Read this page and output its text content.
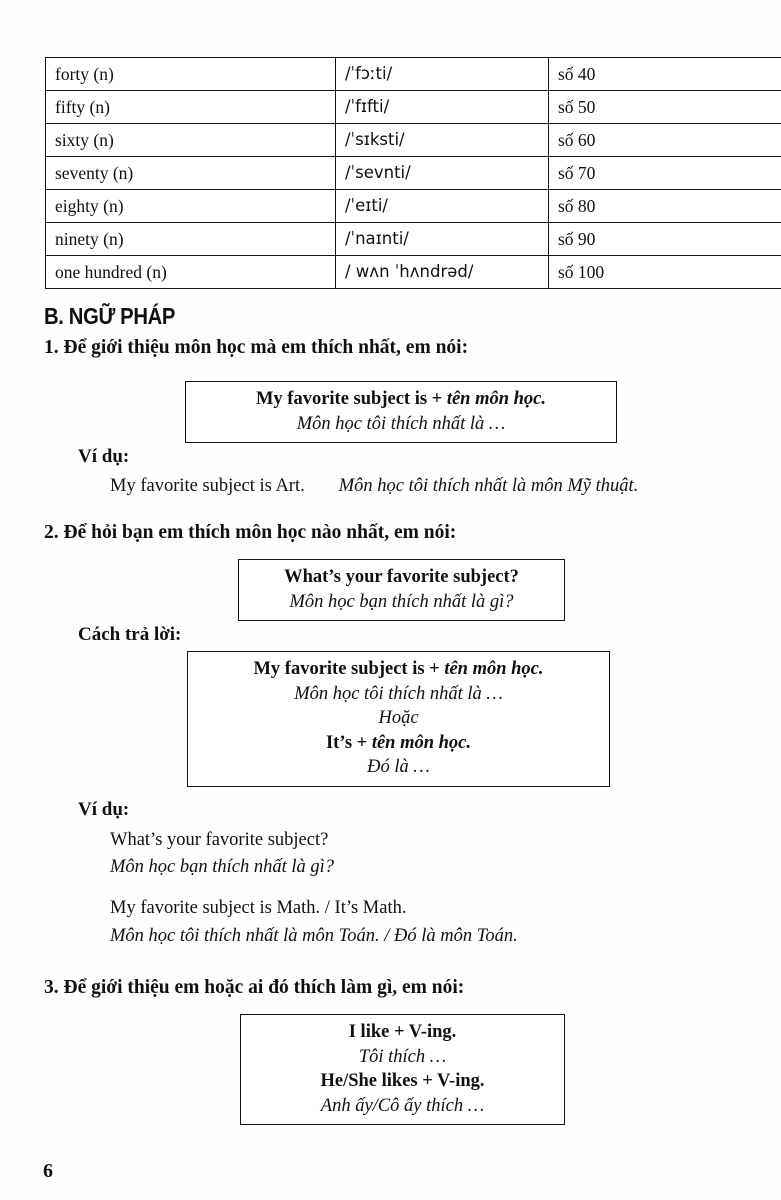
forty (n)	/ˈfɔːti/	số 40
fifty (n)	/ˈfɪfti/	số 50
sixty (n)	/ˈsɪksti/	số 60
seventy (n)	/ˈsevnti/	số 70
eighty (n)	/ˈeɪti/	số 80
ninety (n)	/ˈnaɪnti/	số 90
one hundred (n)	/ wʌn ˈhʌndrəd/	số 100
B. NGỮ PHÁP
1. Để giới thiệu môn học mà em thích nhất, em nói:
My favorite subject is + tên môn học.
Môn học tôi thích nhất là …
Ví dụ:
My favorite subject is Art. Môn học tôi thích nhất là môn Mỹ thuật.
2. Để hỏi bạn em thích môn học nào nhất, em nói:
What’s your favorite subject?
Môn học bạn thích nhất là gì?
Cách trả lời:
My favorite subject is + tên môn học.
Môn học tôi thích nhất là …
Hoặc
It’s + tên môn học.
Đó là …
Ví dụ:
What’s your favorite subject?
Môn học bạn thích nhất là gì?
My favorite subject is Math. / It’s Math.
Môn học tôi thích nhất là môn Toán. / Đó là môn Toán.
3. Để giới thiệu em hoặc ai đó thích làm gì, em nói:
I like + V-ing.
Tôi thích …
He/She likes + V-ing.
Anh ấy/Cô ấy thích …
6
